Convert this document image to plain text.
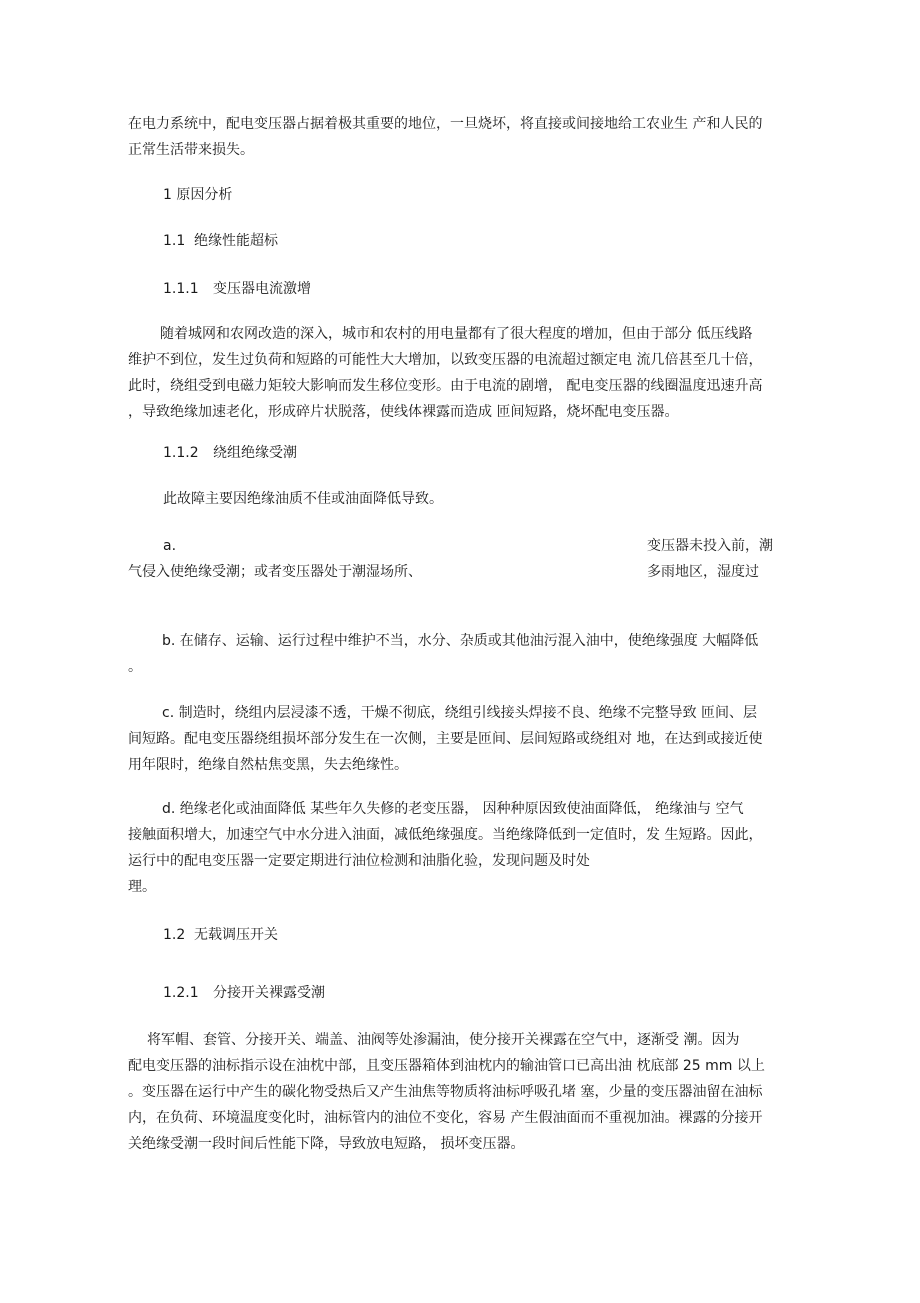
在电力系统中，配电变压器占据着极其重要的地位，一旦烧坏，将直接或间接地给工农业生 产和人民的
正常生活带来损失。

1 原因分析

1.1 绝缘性能超标

1.1.1 变压器电流激增

随着城网和农网改造的深入，城市和农村的用电量都有了很大程度的增加，但由于部分 低压线路
维护不到位，发生过负荷和短路的可能性大大增加，以致变压器的电流超过额定电 流几倍甚至几十倍，
此时，绕组受到电磁力矩较大影响而发生移位变形。由于电流的剧增， 配电变压器的线圈温度迅速升高
，导致绝缘加速老化，形成碎片状脱落，使线体裸露而造成 匝间短路，烧坏配电变压器。

1.1.2 绕组绝缘受潮

此故障主要因绝缘油质不佳或油面降低导致。

a.
气侵入使绝缘受潮；或者变压器处于潮湿场所、
变压器未投入前，潮
多雨地区，湿度过
b. 在储存、运输、运行过程中维护不当，水分、杂质或其他油污混入油中，使绝缘强度 大幅降低
。
c. 制造时，绕组内层浸漆不透，干燥不彻底，绕组引线接头焊接不良、绝缘不完整导致 匝间、层
间短路。配电变压器绕组损坏部分发生在一次侧，主要是匝间、层间短路或绕组对 地，在达到或接近使
用年限时，绝缘自然枯焦变黑，失去绝缘性。
d. 绝缘老化或油面降低 某些年久失修的老变压器， 因种种原因致使油面降低， 绝缘油与 空气
接触面积增大，加速空气中水分进入油面，减低绝缘强度。当绝缘降低到一定值时，发 生短路。因此，
运行中的配电变压器一定要定期进行油位检测和油脂化验，发现问题及时处
理。

1.2 无载调压开关

1.2.1 分接开关裸露受潮

将军帽、套管、分接开关、端盖、油阀等处渗漏油，使分接开关裸露在空气中，逐渐受 潮。因为
配电变压器的油标指示设在油枕中部，且变压器箱体到油枕内的输油管口已高出油 枕底部 25 mm 以上
。变压器在运行中产生的碳化物受热后又产生油焦等物质将油标呼吸孔堵 塞，少量的变压器油留在油标
内，在负荷、环境温度变化时，油标管内的油位不变化，容易 产生假油面而不重视加油。裸露的分接开
关绝缘受潮一段时间后性能下降，导致放电短路， 损坏变压器。
